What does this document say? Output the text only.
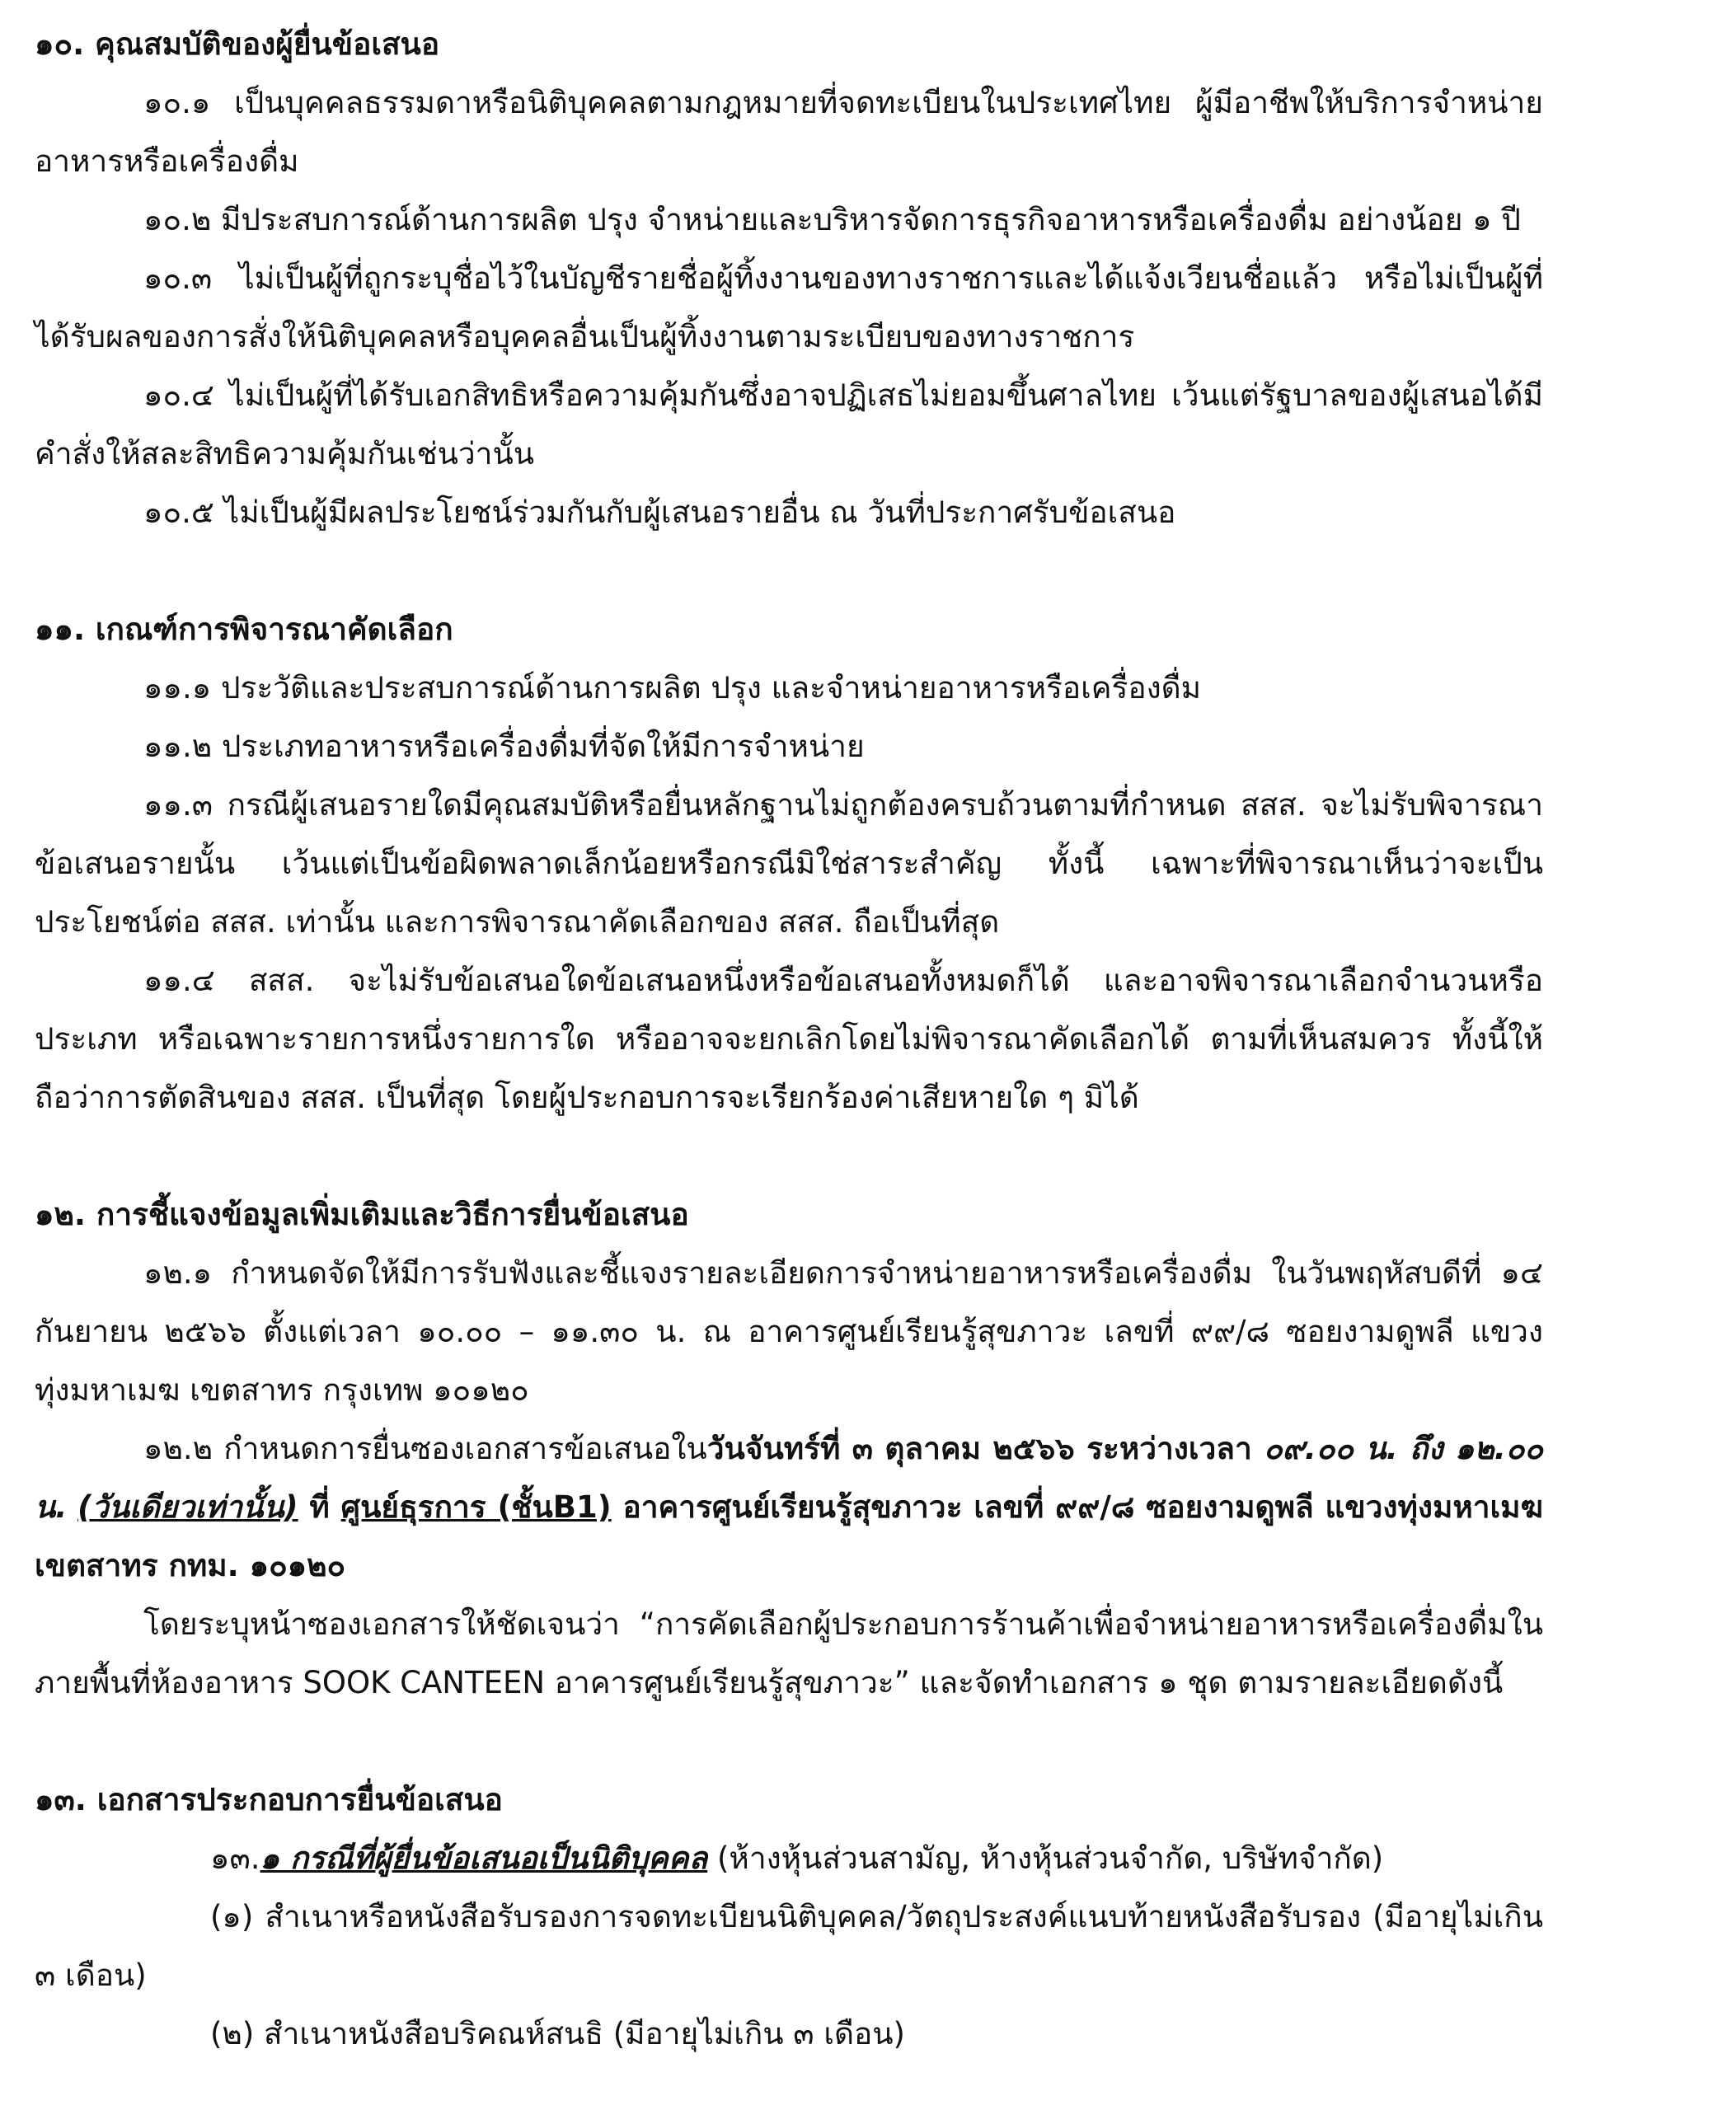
๑๐. คุณสมบัติของผู้ยื่นข้อเสนอ
๑๐.๑ เป็นบุคคลธรรมดาหรือนิติบุคคลตามกฎหมายที่จดทะเบียนในประเทศไทย ผู้มีอาชีพให้บริการจำหน่ายอาหารหรือเครื่องดื่ม
๑๐.๒ มีประสบการณ์ด้านการผลิต ปรุง จำหน่ายและบริหารจัดการธุรกิจอาหารหรือเครื่องดื่ม อย่างน้อย ๑ ปี
๑๐.๓ ไม่เป็นผู้ที่ถูกระบุชื่อไว้ในบัญชีรายชื่อผู้ทิ้งงานของทางราชการและได้แจ้งเวียนชื่อแล้ว หรือไม่เป็นผู้ที่ได้รับผลของการสั่งให้นิติบุคคลหรือบุคคลอื่นเป็นผู้ทิ้งงานตามระเบียบของทางราชการ
๑๐.๔ ไม่เป็นผู้ที่ได้รับเอกสิทธิหรือความคุ้มกันซึ่งอาจปฏิเสธไม่ยอมขึ้นศาลไทย เว้นแต่รัฐบาลของผู้เสนอได้มีคำสั่งให้สละสิทธิความคุ้มกันเช่นว่านั้น
๑๐.๕ ไม่เป็นผู้มีผลประโยชน์ร่วมกันกับผู้เสนอรายอื่น ณ วันที่ประกาศรับข้อเสนอ
๑๑. เกณฑ์การพิจารณาคัดเลือก
๑๑.๑ ประวัติและประสบการณ์ด้านการผลิต ปรุง และจำหน่ายอาหารหรือเครื่องดื่ม
๑๑.๒ ประเภทอาหารหรือเครื่องดื่มที่จัดให้มีการจำหน่าย
๑๑.๓ กรณีผู้เสนอรายใดมีคุณสมบัติหรือยื่นหลักฐานไม่ถูกต้องครบถ้วนตามที่กำหนด สสส. จะไม่รับพิจารณาข้อเสนอรายนั้น เว้นแต่เป็นข้อผิดพลาดเล็กน้อยหรือกรณีมิใช่สาระสำคัญ ทั้งนี้ เฉพาะที่พิจารณาเห็นว่าจะเป็นประโยชน์ต่อ สสส. เท่านั้น และการพิจารณาคัดเลือกของ สสส. ถือเป็นที่สุด
๑๑.๔ สสส. จะไม่รับข้อเสนอใดข้อเสนอหนึ่งหรือข้อเสนอทั้งหมดก็ได้ และอาจพิจารณาเลือกจำนวนหรือประเภท หรือเฉพาะรายการหนึ่งรายการใด หรืออาจจะยกเลิกโดยไม่พิจารณาคัดเลือกได้ ตามที่เห็นสมควร ทั้งนี้ให้ถือว่าการตัดสินของ สสส. เป็นที่สุด โดยผู้ประกอบการจะเรียกร้องค่าเสียหายใด ๆ มิได้
๑๒. การชี้แจงข้อมูลเพิ่มเติมและวิธีการยื่นข้อเสนอ
๑๒.๑ กำหนดจัดให้มีการรับฟังและชี้แจงรายละเอียดการจำหน่ายอาหารหรือเครื่องดื่ม ในวันพฤหัสบดีที่ ๑๔ กันยายน ๒๕๖๖ ตั้งแต่เวลา ๑๐.๐๐ – ๑๑.๓๐ น. ณ อาคารศูนย์เรียนรู้สุขภาวะ เลขที่ ๙๙/๘ ซอยงามดูพลี แขวงทุ่งมหาเมฆ เขตสาทร กรุงเทพ ๑๐๑๒๐
๑๒.๒ กำหนดการยื่นซองเอกสารข้อเสนอในวันจันทร์ที่ ๓ ตุลาคม ๒๕๖๖ ระหว่างเวลา ๐๙.๐๐ น. ถึง ๑๒.๐๐ น. (วันเดียวเท่านั้น) ที่ ศูนย์ธุรการ (ชั้นB1) อาคารศูนย์เรียนรู้สุขภาวะ เลขที่ ๙๙/๘ ซอยงามดูพลี แขวงทุ่งมหาเมฆ เขตสาทร กทม. ๑๐๑๒๐
โดยระบุหน้าซองเอกสารให้ชัดเจนว่า “การคัดเลือกผู้ประกอบการร้านค้าเพื่อจำหน่ายอาหารหรือเครื่องดื่มในภายพื้นที่ห้องอาหาร SOOK CANTEEN อาคารศูนย์เรียนรู้สุขภาวะ” และจัดทำเอกสาร ๑ ชุด ตามรายละเอียดดังนี้
๑๓. เอกสารประกอบการยื่นข้อเสนอ
๑๓.๑ กรณีที่ผู้ยื่นข้อเสนอเป็นนิติบุคคล (ห้างหุ้นส่วนสามัญ, ห้างหุ้นส่วนจำกัด, บริษัทจำกัด)
(๑) สำเนาหรือหนังสือรับรองการจดทะเบียนนิติบุคคล/วัตถุประสงค์แนบท้ายหนังสือรับรอง (มีอายุไม่เกิน ๓ เดือน)
(๒) สำเนาหนังสือบริคณห์สนธิ (มีอายุไม่เกิน ๓ เดือน)
